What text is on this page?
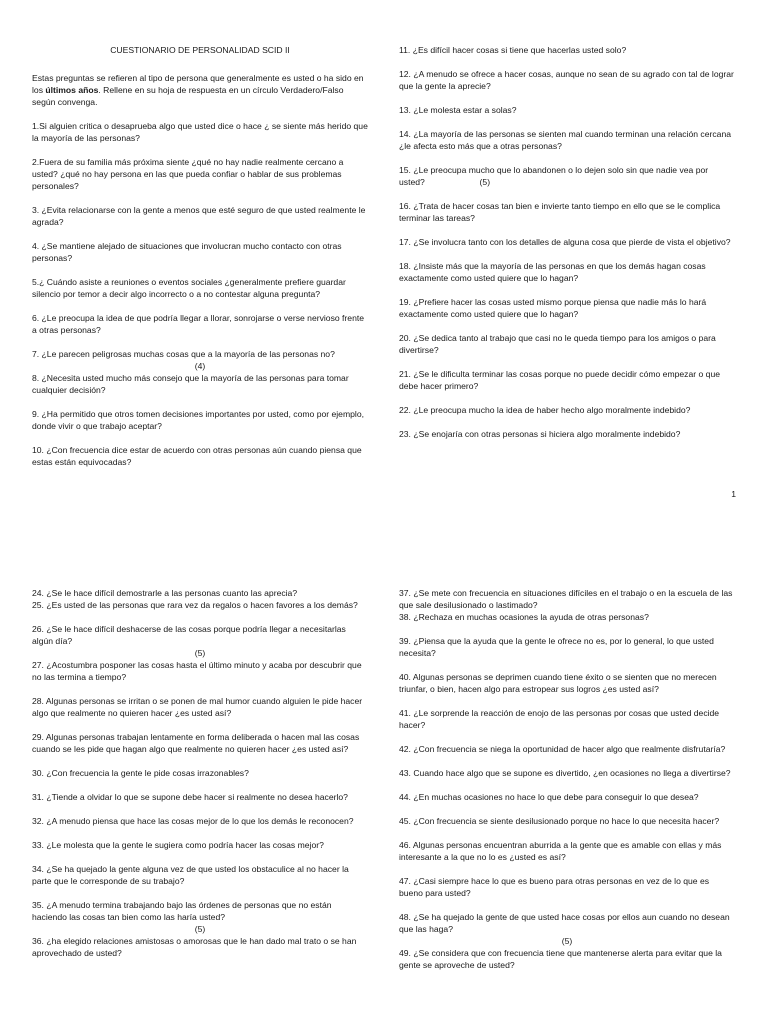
CUESTIONARIO DE PERSONALIDAD SCID II

Estas preguntas se refieren al tipo de persona que generalmente es usted o ha sido en los últimos años. Rellene en su hoja de respuesta en un círculo Verdadero/Falso según convenga.

1.Si alguien critica o desaprueba algo que usted dice o hace ¿ se siente más herido que la mayoría de las personas?

2.Fuera de su familia más próxima siente ¿qué no hay nadie realmente cercano a usted? ¿qué no hay persona en las que pueda confiar o hablar de sus problemas personales?

3. ¿Evita relacionarse con la gente a menos que esté seguro de que usted realmente le agrada?

4. ¿Se mantiene alejado de situaciones que involucran mucho contacto con otras personas?

5.¿ Cuándo asiste a reuniones o eventos sociales ¿generalmente prefiere guardar silencio por temor a decir algo incorrecto o a no contestar alguna pregunta?

6. ¿Le preocupa la idea de que podría llegar a llorar, sonrojarse o verse nervioso frente a otras personas?

7. ¿Le parecen peligrosas muchas cosas que a la mayoría de las personas no?

(4)

8. ¿Necesita usted mucho más consejo que la mayoría de las personas para tomar cualquier decisión?

9. ¿Ha permitido que otros tomen decisiones importantes por usted, como por ejemplo, donde vivir o que trabajo aceptar?

10. ¿Con frecuencia dice estar de acuerdo con otras personas aún cuando piensa que estas están equivocadas?

11. ¿Es difícil hacer cosas si tiene que hacerlas usted solo?

12. ¿A menudo se ofrece a hacer cosas, aunque no sean de su agrado con tal de lograr que la gente la aprecie?

13. ¿Le molesta estar a solas?

14. ¿La mayoría de las personas se sienten mal cuando terminan una relación cercana ¿le afecta esto más que a otras personas?

15. ¿Le preocupa mucho que lo abandonen o lo dejen solo sin que nadie vea por usted?	(5)

16. ¿Trata de hacer cosas tan bien e invierte tanto tiempo en ello que se le complica terminar las tareas?

17. ¿Se involucra tanto con los detalles de alguna cosa que pierde de vista el objetivo?

18. ¿Insiste más que la mayoría de las personas en que los demás hagan cosas exactamente como usted quiere que lo hagan?

19. ¿Prefiere hacer las cosas usted mismo porque piensa que nadie más lo hará exactamente como usted quiere que lo hagan?

20. ¿Se dedica tanto al trabajo que casi no le queda tiempo para los amigos o para divertirse?

21. ¿Se le dificulta terminar las cosas porque no puede decidir cómo empezar o que debe hacer primero?

22. ¿Le preocupa mucho la idea de haber hecho algo moralmente indebido?

23. ¿Se enojaría con otras personas si hiciera algo moralmente indebido?

1

24. ¿Se le hace difícil demostrarle a las personas cuanto las aprecia?

25. ¿Es usted de las personas que rara vez da regalos o hacen favores a los demás?

26. ¿Se le hace difícil deshacerse de las cosas porque podría llegar a necesitarlas algún día?

(5)

27. ¿Acostumbra posponer las cosas hasta el último minuto y acaba por descubrir que no las termina a tiempo?

28. Algunas personas se irritan o se ponen de mal humor cuando alguien le pide hacer algo que realmente no quieren hacer ¿es usted así?

29. Algunas personas trabajan lentamente en forma deliberada o hacen mal las cosas cuando se les pide que hagan algo que realmente no quieren hacer ¿es usted así?

30. ¿Con frecuencia la gente le pide cosas irrazonables?

31. ¿Tiende a olvidar lo que se supone debe hacer si realmente no desea hacerlo?

32. ¿A menudo piensa que hace las cosas mejor de lo que los demás le reconocen?

33. ¿Le molesta que la gente le sugiera como podría hacer las cosas mejor?

34. ¿Se ha quejado la gente alguna vez de que usted los obstaculice al no hacer la parte que le corresponde de su trabajo?

35. ¿A menudo termina trabajando bajo las órdenes de personas que no están haciendo las cosas tan bien como las haría usted?

(5)

36. ¿ha elegido relaciones amistosas o amorosas que le han dado mal trato o se han aprovechado de usted?

37. ¿Se mete con frecuencia en situaciones difíciles en el trabajo o en la escuela de las que sale desilusionado o lastimado?

38. ¿Rechaza en muchas ocasiones la ayuda de otras personas?

39. ¿Piensa que la ayuda que la gente le ofrece no es, por lo general, lo que usted necesita?

40. Algunas personas se deprimen cuando tiene éxito o se sienten que no merecen triunfar, o bien, hacen algo para estropear sus logros ¿es usted así?

41. ¿Le sorprende la reacción de enojo de las personas por cosas que usted decide hacer?

42. ¿Con frecuencia se niega la oportunidad de hacer algo que realmente disfrutaría?

43. Cuando hace algo que se supone es divertido, ¿en ocasiones no llega a divertirse?

44. ¿En muchas ocasiones no hace lo que debe para conseguir lo que desea?

45. ¿Con frecuencia se siente desilusionado porque no hace lo que necesita hacer?

46. Algunas personas encuentran aburrida a la gente que es amable con ellas y más interesante a la que no lo es ¿usted es así?

47. ¿Casi siempre hace lo que es bueno para otras personas en vez de lo que es bueno para usted?

48. ¿Se ha quejado la gente de que usted hace cosas por ellos aun cuando no desean que las haga?

(5)

49. ¿Se considera que con frecuencia tiene que mantenerse alerta para evitar que la gente se aproveche de usted?
